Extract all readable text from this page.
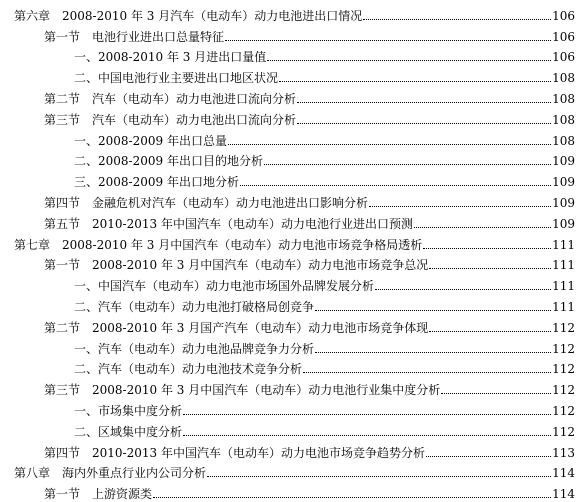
第六章　2008-2010 年 3 月汽车（电动车）动力电池进出口情况	106
第一节　电池行业进出口总量特征	106
一、2008-2010 年 3 月进出口量值	106
二、中国电池行业主要进出口地区状况	108
第二节　汽车（电动车）动力电池进口流向分析	108
第三节　汽车（电动车）动力电池出口流向分析	108
一、2008-2009 年出口总量	108
二、2008-2009 年出口目的地分析	109
三、2008-2009 年出口地分析	109
第四节　金融危机对汽车（电动车）动力电池进出口影响分析	109
第五节　2010-2013 年中国汽车（电动车）动力电池行业进出口预测	109
第七章　2008-2010 年 3 月中国汽车（电动车）动力电池市场竞争格局透析	111
第一节　2008-2010 年 3 月中国汽车（电动车）动力电池市场竞争总况	111
一、中国汽车（电动车）动力电池市场国外品牌发展分析	111
二、汽车（电动车）动力电池打破格局创竞争	111
第二节　2008-2010 年 3 月国产汽车（电动车）动力电池市场竞争体现	112
一、汽车（电动车）动力电池品牌竞争力分析	112
二、汽车（电动车）动力电池技术竞争分析	112
第三节　2008-2010 年 3 月中国汽车（电动车）动力电池行业集中度分析	112
一、市场集中度分析	112
二、区域集中度分析	112
第四节　2010-2013 年中国汽车（电动车）动力电池市场竞争趋势分析	113
第八章　海内外重点行业内公司分析	114
第一节　上游资源类	114
